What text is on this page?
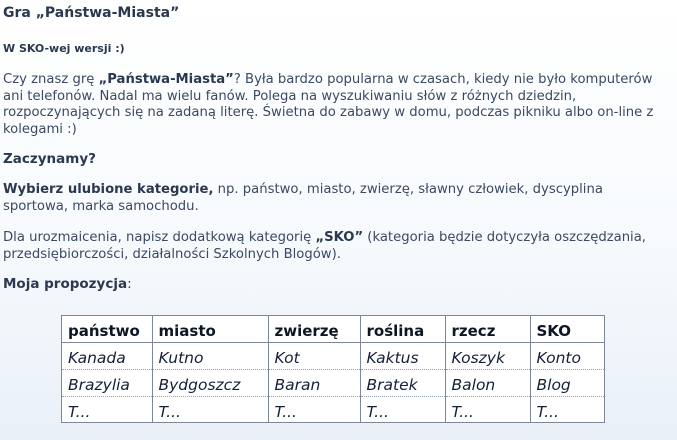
Gra „Państwa-Miasta”
W SKO-wej wersji :)

Czy znasz grę „Państwa-Miasta”? Była bardzo popularna w czasach, kiedy nie było komputerów ani telefonów. Nadal ma wielu fanów. Polega na wyszukiwaniu słów z różnych dziedzin, rozpoczynających się na zadaną literę. Świetna do zabawy w domu, podczas pikniku albo on-line z kolegami :)

Zaczynamy?

Wybierz ulubione kategorie, np. państwo, miasto, zwierzę, sławny człowiek, dyscyplina sportowa, marka samochodu.

Dla urozmaicenia, napisz dodatkową kategorię „SKO” (kategoria będzie dotyczyła oszczędzania, przedsiębiorczości, działalności Szkolnych Blogów).

Moja propozycja:

państwo	miasto	zwierzę	roślina	rzecz	SKO
Kanada	Kutno	Kot	Kaktus	Koszyk	Konto
Brazylia	Bydgoszcz	Baran	Bratek	Balon	Blog
T...	T...	T...	T...	T...	T...
